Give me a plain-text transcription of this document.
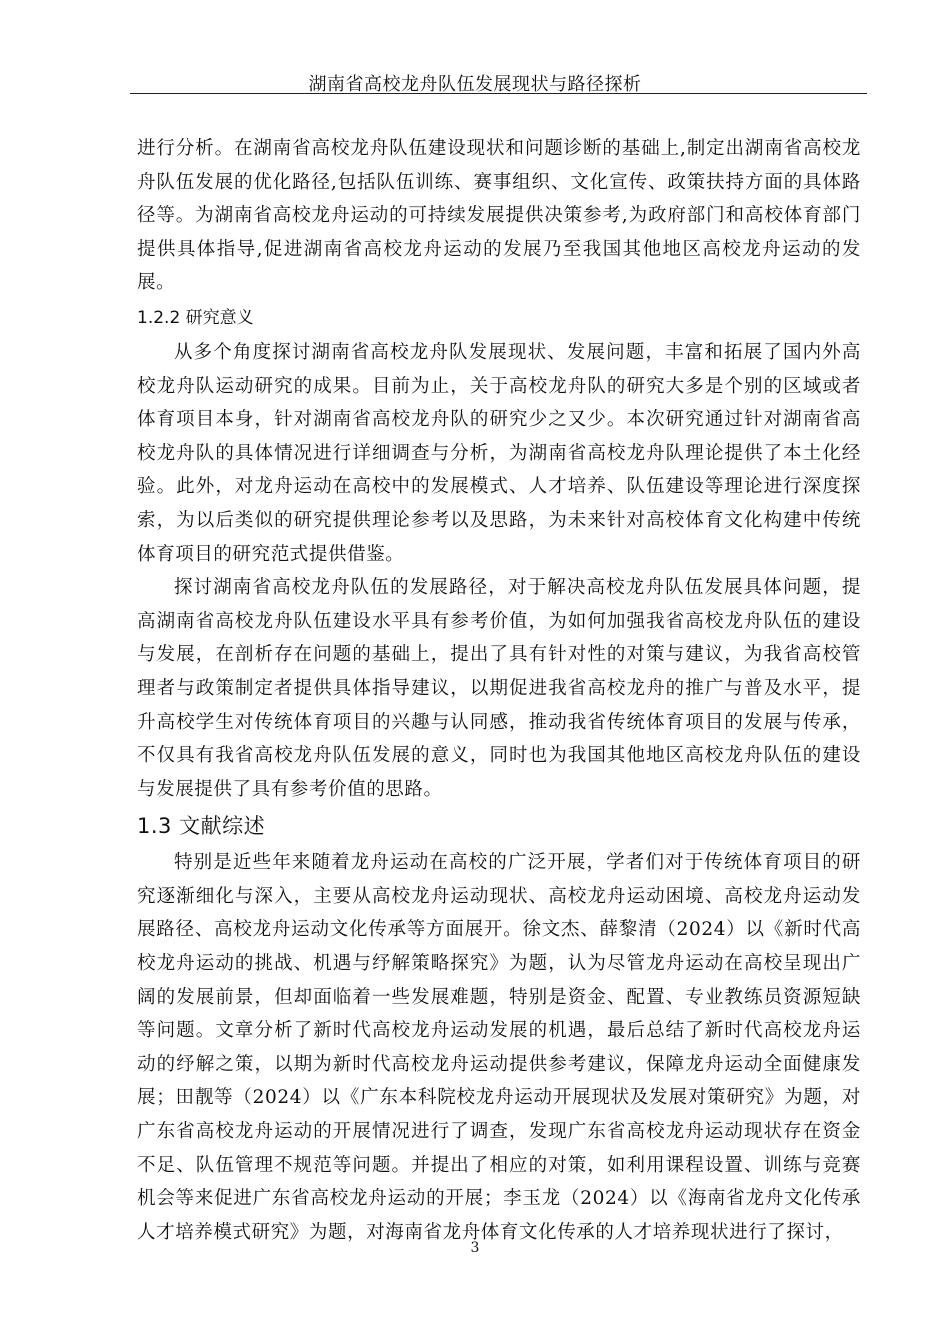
湖南省高校龙舟队伍发展现状与路径探析

进行分析。在湖南省高校龙舟队伍建设现状和问题诊断的基础上,制定出湖南省高校龙舟队伍发展的优化路径,包括队伍训练、赛事组织、文化宣传、政策扶持方面的具体路径等。为湖南省高校龙舟运动的可持续发展提供决策参考,为政府部门和高校体育部门提供具体指导,促进湖南省高校龙舟运动的发展乃至我国其他地区高校龙舟运动的发展。

1.2.2 研究意义

从多个角度探讨湖南省高校龙舟队发展现状、发展问题，丰富和拓展了国内外高校龙舟队运动研究的成果。目前为止，关于高校龙舟队的研究大多是个别的区域或者体育项目本身，针对湖南省高校龙舟队的研究少之又少。本次研究通过针对湖南省高校龙舟队的具体情况进行详细调查与分析，为湖南省高校龙舟队理论提供了本土化经验。此外，对龙舟运动在高校中的发展模式、人才培养、队伍建设等理论进行深度探索，为以后类似的研究提供理论参考以及思路，为未来针对高校体育文化构建中传统体育项目的研究范式提供借鉴。

探讨湖南省高校龙舟队伍的发展路径，对于解决高校龙舟队伍发展具体问题，提高湖南省高校龙舟队伍建设水平具有参考价值，为如何加强我省高校龙舟队伍的建设与发展，在剖析存在问题的基础上，提出了具有针对性的对策与建议，为我省高校管理者与政策制定者提供具体指导建议，以期促进我省高校龙舟的推广与普及水平，提升高校学生对传统体育项目的兴趣与认同感，推动我省传统体育项目的发展与传承，不仅具有我省高校龙舟队伍发展的意义，同时也为我国其他地区高校龙舟队伍的建设与发展提供了具有参考价值的思路。

1.3 文献综述

特别是近些年来随着龙舟运动在高校的广泛开展，学者们对于传统体育项目的研究逐渐细化与深入，主要从高校龙舟运动现状、高校龙舟运动困境、高校龙舟运动发展路径、高校龙舟运动文化传承等方面展开。徐文杰、薛黎清（2024）以《新时代高校龙舟运动的挑战、机遇与纾解策略探究》为题，认为尽管龙舟运动在高校呈现出广阔的发展前景，但却面临着一些发展难题，特别是资金、配置、专业教练员资源短缺等问题。文章分析了新时代高校龙舟运动发展的机遇，最后总结了新时代高校龙舟运动的纾解之策，以期为新时代高校龙舟运动提供参考建议，保障龙舟运动全面健康发展；田靓等（2024）以《广东本科院校龙舟运动开展现状及发展对策研究》为题，对广东省高校龙舟运动的开展情况进行了调查，发现广东省高校龙舟运动现状存在资金不足、队伍管理不规范等问题。并提出了相应的对策，如利用课程设置、训练与竞赛机会等来促进广东省高校龙舟运动的开展；李玉龙（2024）以《海南省龙舟文化传承人才培养模式研究》为题，对海南省龙舟体育文化传承的人才培养现状进行了探讨，

3
